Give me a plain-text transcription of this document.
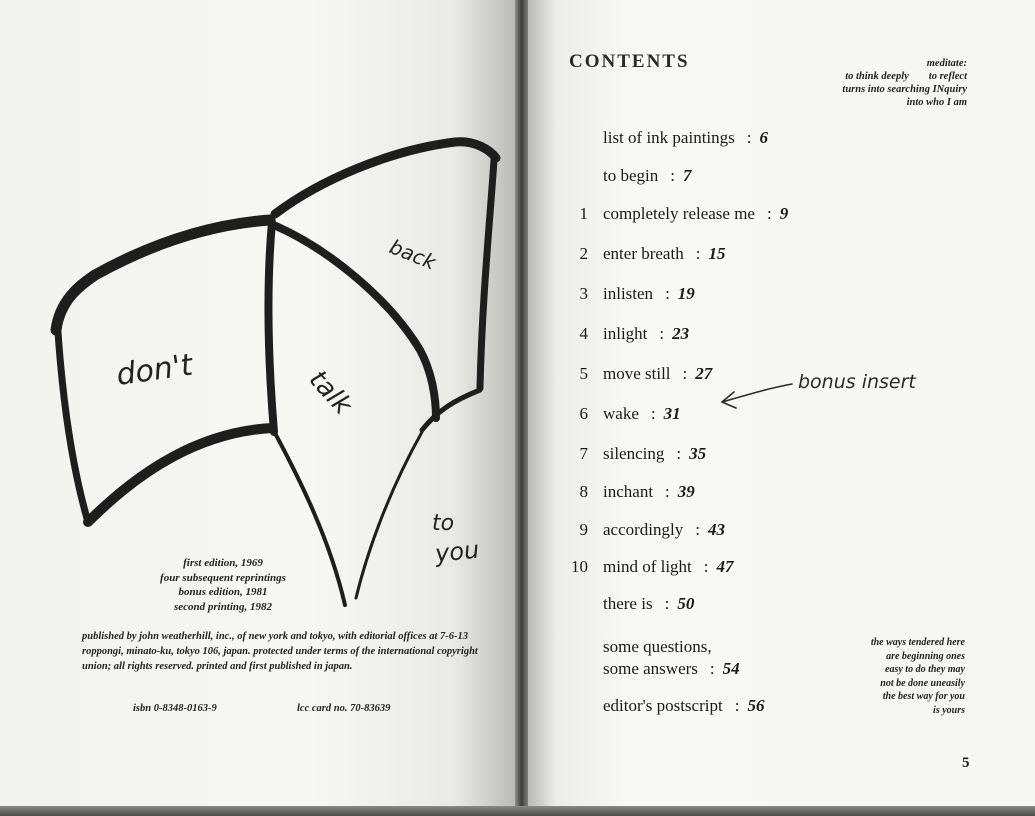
don't	talk
back
to
you
first edition, 1969
four subsequent reprintings
bonus edition, 1981
second printing, 1982
published by john weatherhill, inc., of new york and tokyo, with editorial offices at 7-6-13 roppongi, minato-ku, tokyo 106, japan. protected under terms of the international copyright union; all rights reserved. printed and first published in japan.
isbn 0-8348-0163-9	lcc card no. 70-83639
CONTENTS	meditate:
to think deeply to reflect
turns into searching INquiry
into who I am
list of ink paintings : 6
to begin : 7
1 completely release me : 9
2 enter breath : 15
3 inlisten : 19
4 inlight : 23
5 move still : 27
6 wake : 31
7 silencing : 35
8 inchant : 39
9 accordingly : 43
10 mind of light : 47
there is : 50
some questions,
some answers : 54
editor's postscript : 56
bonus insert
the ways tendered here
are beginning ones
easy to do they may
not be done uneasily
the best way for you
is yours
5
